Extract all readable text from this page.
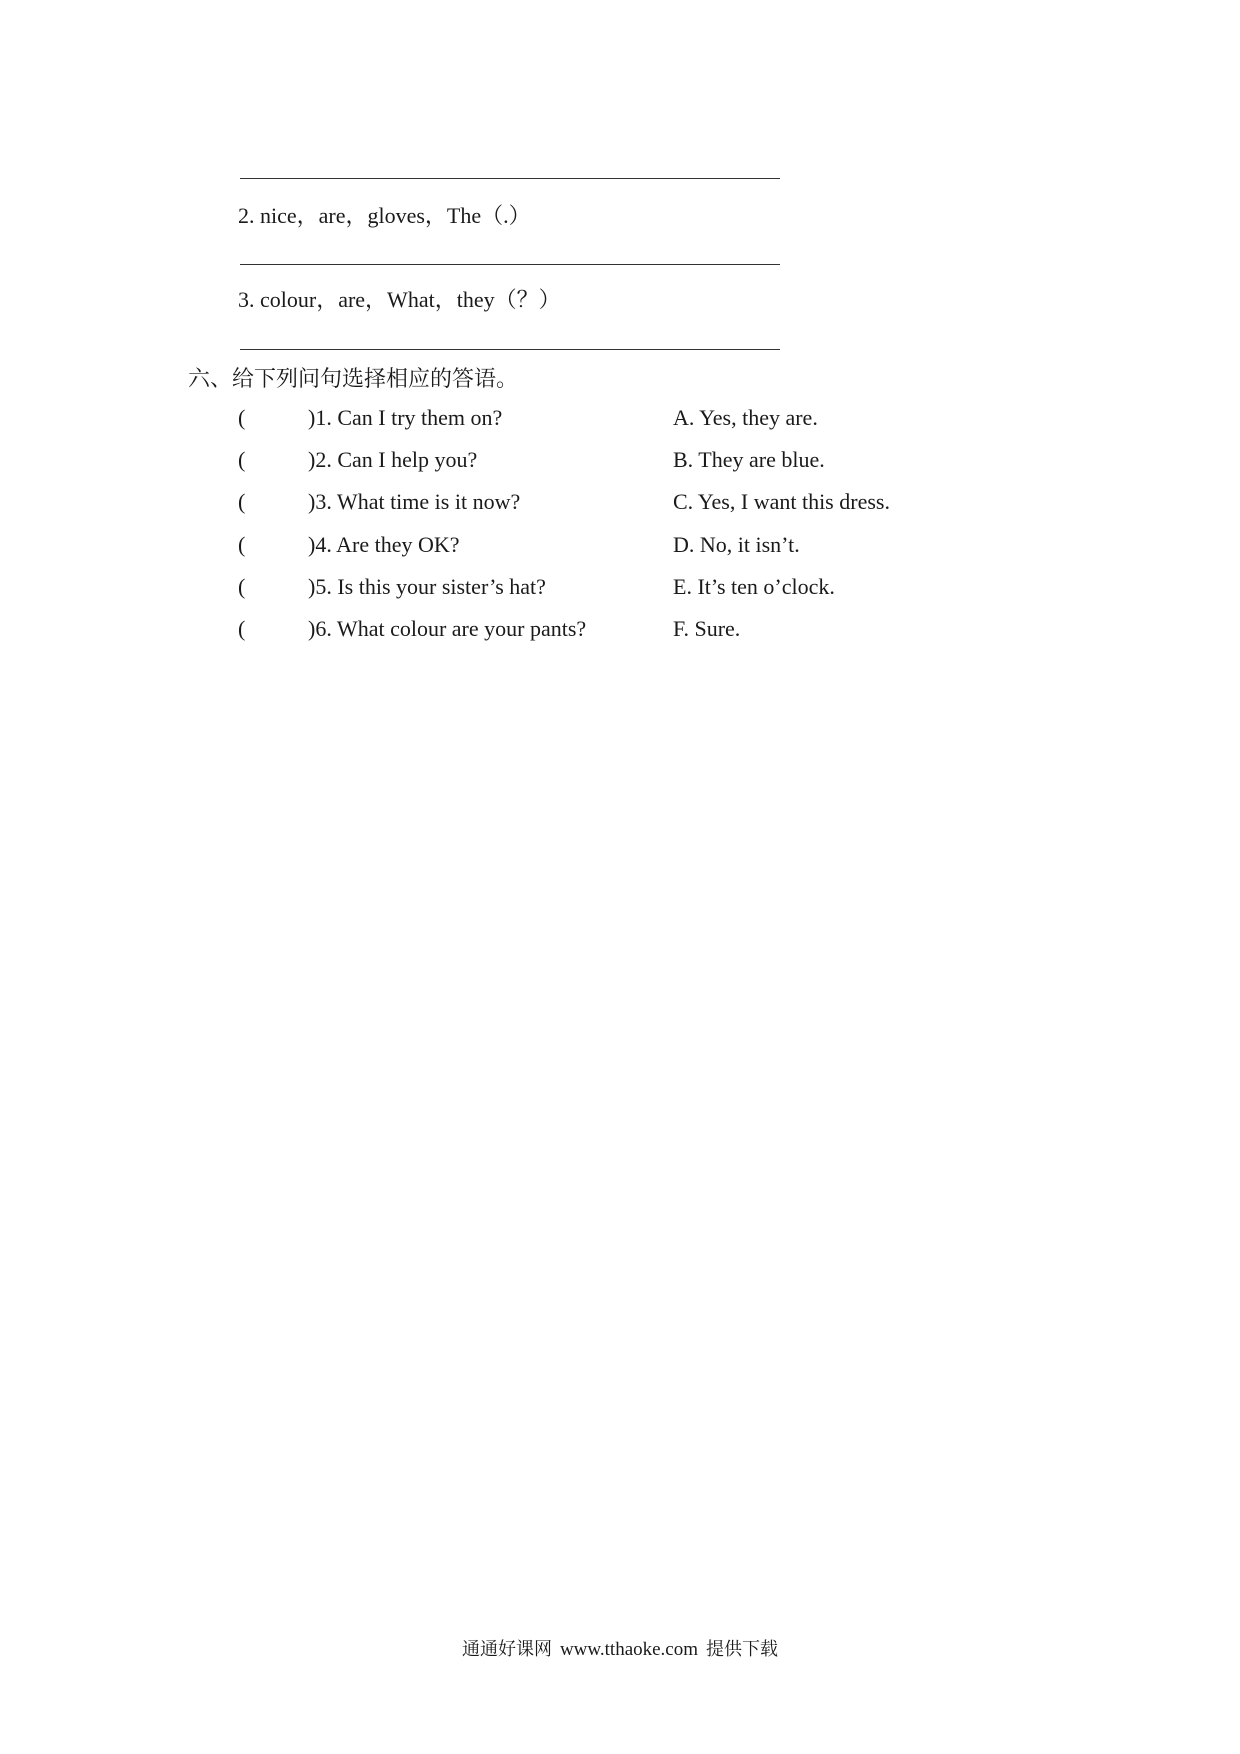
2. nice，are，gloves，The（.）
3. colour，are，What，they（？）
六、给下列问句选择相应的答语。
(	)1. Can I try them on?	A. Yes, they are.
(	)2. Can I help you?	B. They are blue.
(	)3. What time is it now?	C. Yes, I want this dress.
(	)4. Are they OK?	D. No, it isn’t.
(	)5. Is this your sister’s hat?	E. It’s ten o’clock.
(	)6. What colour are your pants?	F. Sure.
通通好课网 www.tthaoke.com 提供下载
